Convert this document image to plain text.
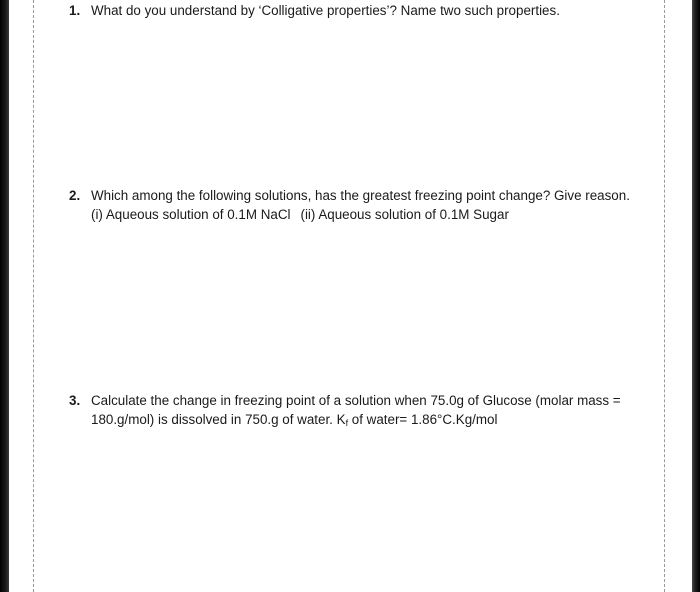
1. What do you understand by ‘Colligative properties’? Name two such properties.
2. Which among the following solutions, has the greatest freezing point change? Give reason.
(i) Aqueous solution of 0.1M NaCl (ii) Aqueous solution of 0.1M Sugar
3. Calculate the change in freezing point of a solution when 75.0g of Glucose (molar mass =
180.g/mol) is dissolved in 750.g of water. $K_f$ of water= 1.86°C.Kg/mol
